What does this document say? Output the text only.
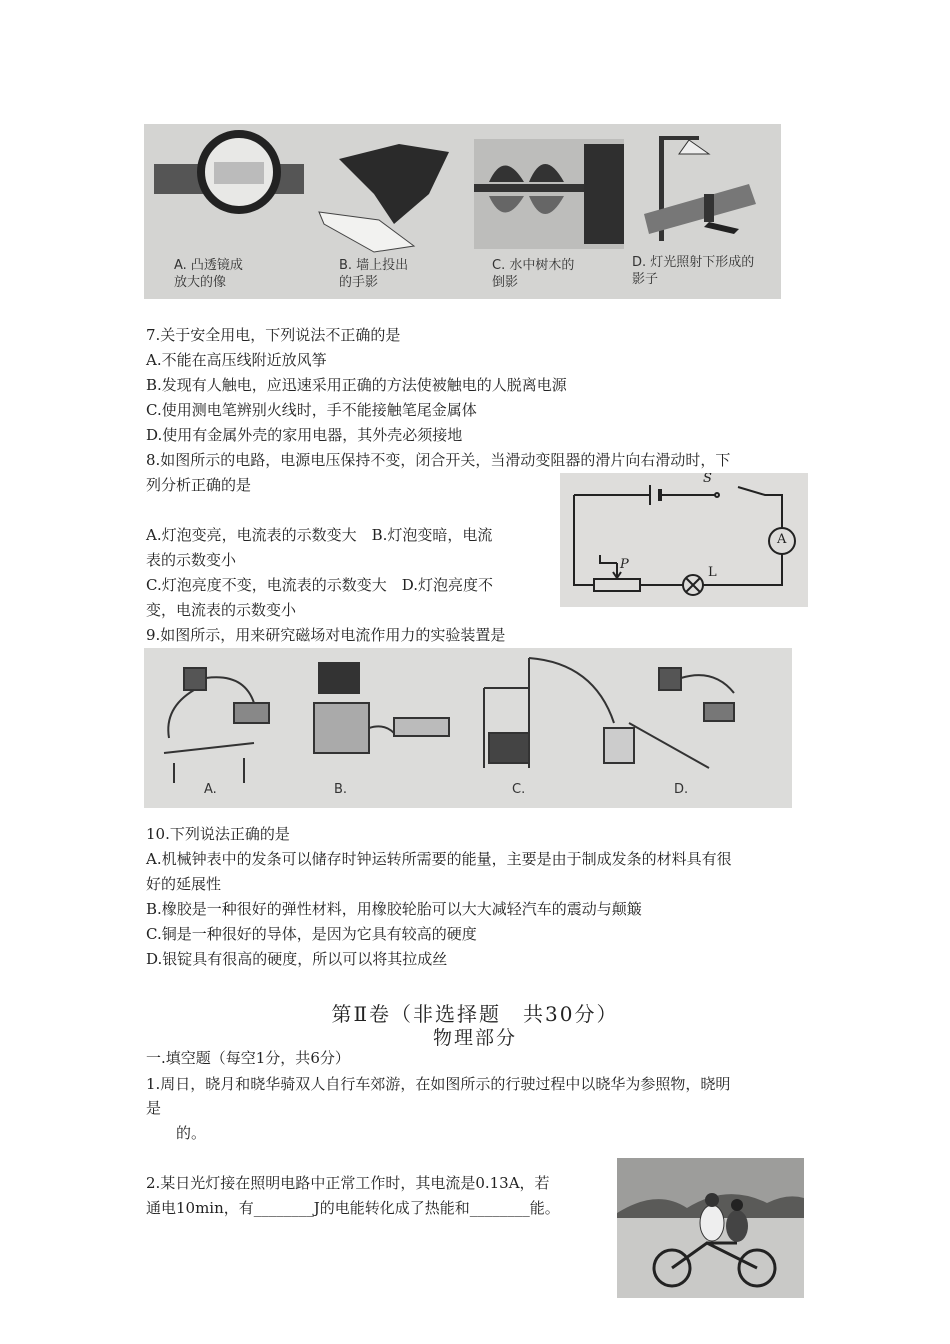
A. 凸透镜成
放大的像
B. 墙上投出
的手影
C. 水中树木的
倒影
D. 灯光照射下形成的
影子
7.关于安全用电，下列说法不正确的是
A.不能在高压线附近放风筝
B.发现有人触电，应迅速采用正确的方法使被触电的人脱离电源
C.使用测电笔辨别火线时，手不能接触笔尾金属体
D.使用有金属外壳的家用电器，其外壳必须接地
8.如图所示的电路，电源电压保持不变，闭合开关，当滑动变阻器的滑片向右滑动时，下
列分析正确的是
A.灯泡变亮，电流表的示数变大　B.灯泡变暗，电流
表的示数变小
C.灯泡亮度不变，电流表的示数变大　D.灯泡亮度不
变，电流表的示数变小
S
A
P
L
9.如图所示，用来研究磁场对电流作用力的实验装置是
A.	B.	C.	D.
10.下列说法正确的是
A.机械钟表中的发条可以储存时钟运转所需要的能量，主要是由于制成发条的材料具有很
好的延展性
B.橡胶是一种很好的弹性材料，用橡胶轮胎可以大大减轻汽车的震动与颠簸
C.铜是一种很好的导体，是因为它具有较高的硬度
D.银锭具有很高的硬度，所以可以将其拉成丝
第Ⅱ卷（非选择题　共30分）
物理部分
一.填空题（每空1分，共6分）
1.周日，晓月和晓华骑双人自行车郊游，在如图所示的行驶过程中以晓华为参照物，晓明
是
　　的。
2.某日光灯接在照明电路中正常工作时，其电流是0.13A，若
通电10min，有________J的电能转化成了热能和________能。
